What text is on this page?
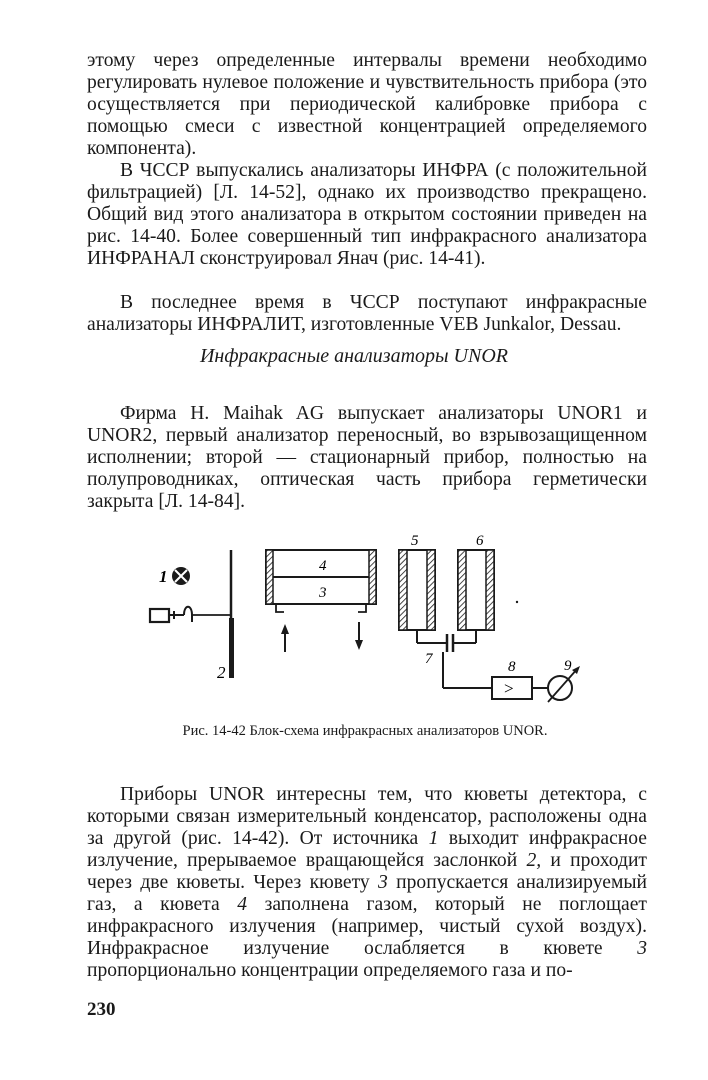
этому через определенные интервалы времени необходимо регулировать нулевое положение и чувствительность прибора (это осуществляется при периодической калибровке прибора с помощью смеси с известной концентрацией определяемого компонента).

В ЧССР выпускались анализаторы ИНФРА (с положительной фильтрацией) [Л. 14-52], однако их производство прекращено. Общий вид этого анализатора в открытом состоянии приведен на рис. 14-40. Более совершенный тип инфракрасного анализатора ИНФРАНАЛ сконструировал Янач (рис. 14-41).

В последнее время в ЧССР поступают инфракрасные анализаторы ИНФРАЛИТ, изготовленные VEB Junkalor, Dessau.

Инфракрасные анализаторы UNOR

Фирма H. Maihak AG выпускает анализаторы UNOR1 и UNOR2, первый анализатор переносный, во взрывозащищенном исполнении; второй — стационарный прибор, полностью на полупроводниках, оптическая часть прибора герметически закрыта [Л. 14-84].

1
2
4
3
5	6
7
>
8	9

Рис. 14-42 Блок-схема инфракрасных анализаторов UNOR.

Приборы UNOR интересны тем, что кюветы детектора, с которыми связан измерительный конденсатор, расположены одна за другой (рис. 14-42). От источника 1 выходит инфракрасное излучение, прерываемое вращающейся заслонкой 2, и проходит через две кюветы. Через кювету 3 пропускается анализируемый газ, а кювета 4 заполнена газом, который не поглощает инфракрасного излучения (например, чистый сухой воздух). Инфракрасное излучение ослабляется в кювете 3 пропорционально концентрации определяемого газа и по-

230
